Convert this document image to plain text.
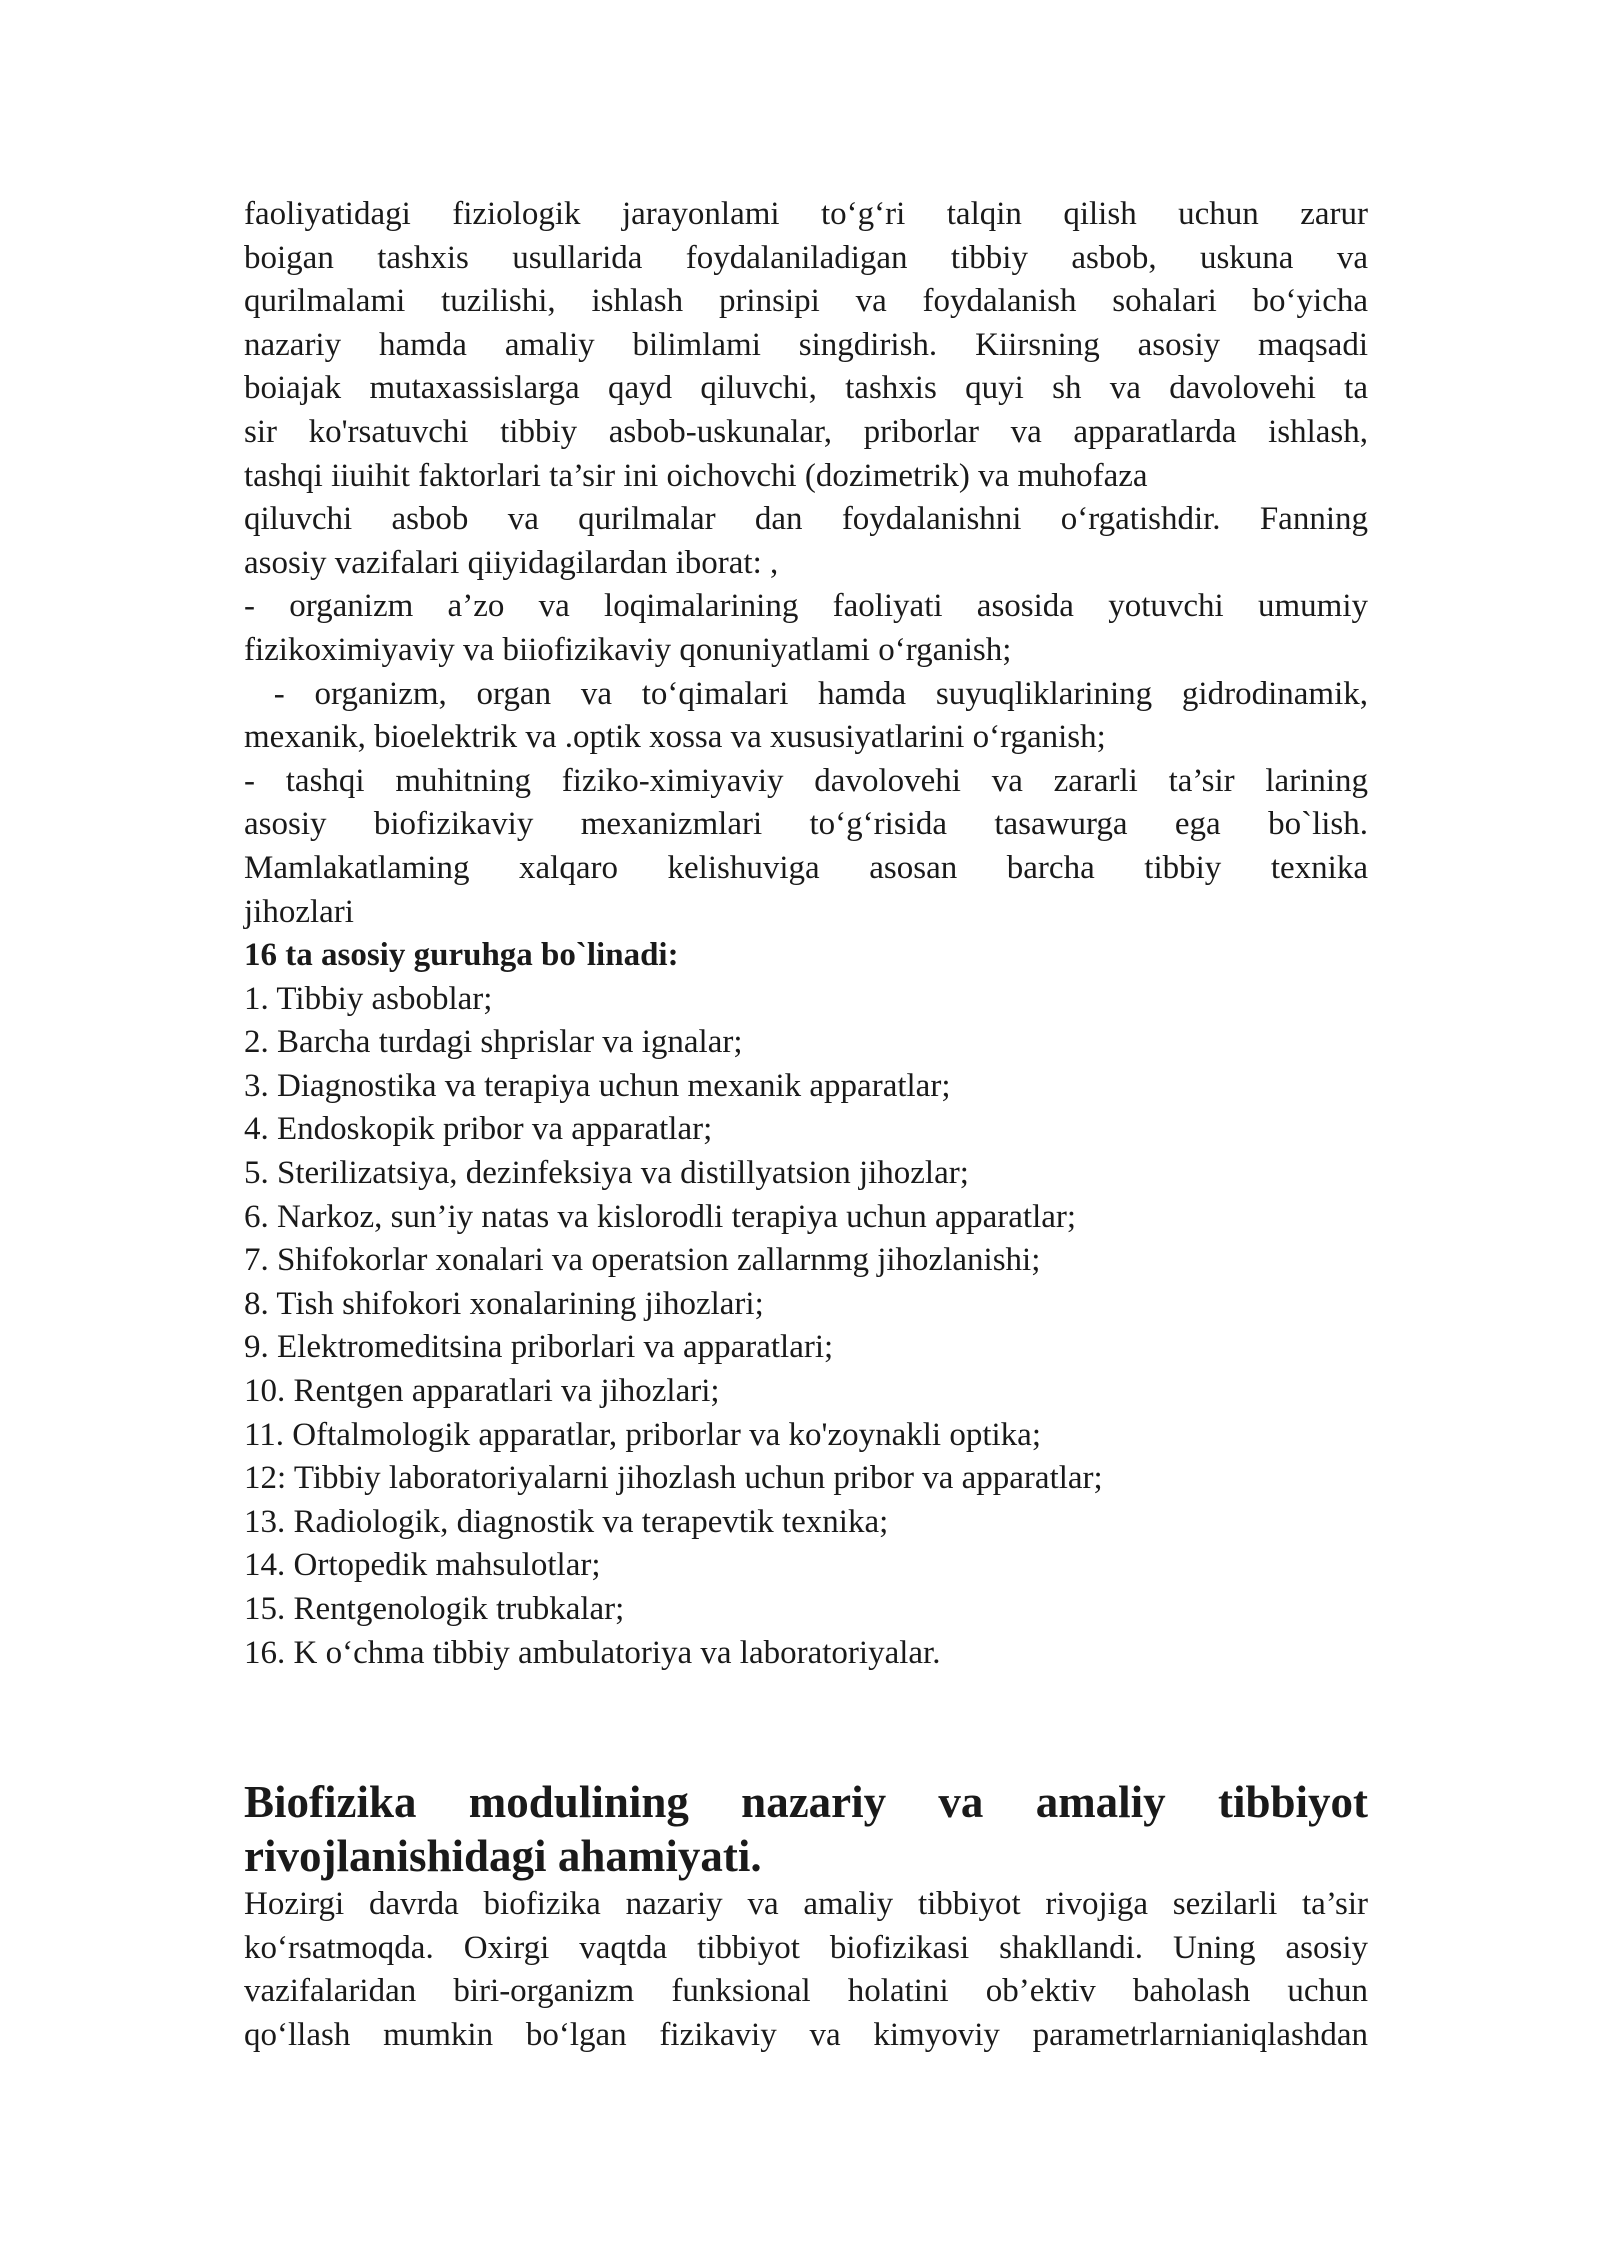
faoliyatidagi fiziologik jarayonlami to‘g‘ri talqin qilish uchun zarur

boigan tashxis usullarida foydalaniladigan tibbiy asbob, uskuna va

qurilmalami tuzilishi, ishlash prinsipi va foydalanish sohalari bo‘yicha

nazariy hamda amaliy bilimlami singdirish. Kiirsning asosiy maqsadi

boiajak mutaxassislarga qayd qiluvchi, tashxis quyi sh va davolovehi ta

sir ko'rsatuvchi tibbiy asbob-uskunalar, priborlar va apparatlarda ishlash,

tashqi iiuihit faktorlari ta’sir ini oichovchi (dozimetrik) va muhofaza

qiluvchi asbob va qurilmalar dan foydalanishni o‘rgatishdir. Fanning

asosiy vazifalari qiiyidagilardan iborat: ,

- organizm a’zo va loqimalarining faoliyati asosida yotuvchi umumiy

fizikoximiyaviy va biiofizikaviy qonuniyatlami o‘rganish;

- organizm, organ va to‘qimalari hamda suyuqliklarining gidrodinamik,

mexanik, bioelektrik va .optik xossa va xususiyatlarini o‘rganish;

- tashqi muhitning fiziko-ximiyaviy davolovehi va zararli ta’sir larining

asosiy biofizikaviy mexanizmlari to‘g‘risida tasawurga ega bo`lish.

Mamlakatlaming xalqaro kelishuviga asosan barcha tibbiy texnika

jihozlari

16 ta asosiy guruhga bo`linadi:

1. Tibbiy asboblar;

2. Barcha turdagi shprislar va ignalar;

3. Diagnostika va terapiya uchun mexanik apparatlar;

4. Endoskopik pribor va apparatlar;

5. Sterilizatsiya, dezinfeksiya va distillyatsion jihozlar;

6. Narkoz, sun’iy natas va kislorodli terapiya uchun apparatlar;

7. Shifokorlar xonalari va operatsion zallarnmg jihozlanishi;

8. Tish shifokori xonalarining jihozlari;

9. Elektromeditsina priborlari va apparatlari;

10. Rentgen apparatlari va jihozlari;

11. Oftalmologik apparatlar, priborlar va ko'zoynakli optika;

12: Tibbiy laboratoriyalarni jihozlash uchun pribor va apparatlar;

13. Radiologik, diagnostik va terapevtik texnika;

14. Ortopedik mahsulotlar;

15. Rentgenologik trubkalar;

16. K o‘chma tibbiy ambulatoriya va laboratoriyalar.

Biofizika modulining nazariy va amaliy tibbiyot

rivojlanishidagi ahamiyati.

Hozirgi davrda biofizika nazariy va amaliy tibbiyot rivojiga sezilarli ta’sir

ko‘rsatmoqda. Oxirgi vaqtda tibbiyot biofizikasi shakllandi. Uning asosiy

vazifalaridan biri-organizm funksional holatini ob’ektiv baholash uchun

qo‘llash mumkin bo‘lgan fizikaviy va kimyoviy parametrlarnianiqlashdan
